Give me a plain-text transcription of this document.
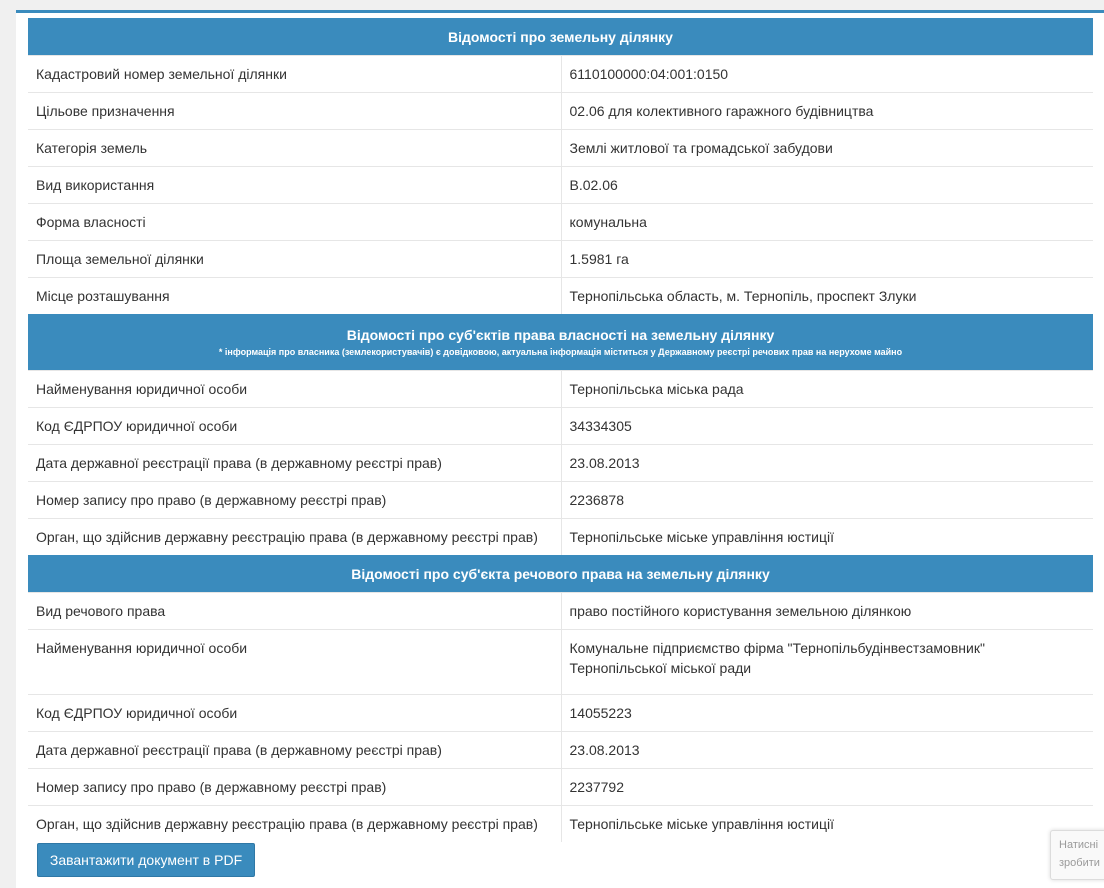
Відомості про земельну ділянку	
Кадастровий номер земельної ділянки	6110100000:04:001:0150
Цільове призначення	02.06 для колективного гаражного будівництва
Категорія земель	Землі житлової та громадської забудови
Вид використання	В.02.06
Форма власності	комунальна
Площа земельної ділянки	1.5981 га
Місце розташування	Тернопільська область, м. Тернопіль, проспект Злуки
Відомості про суб'єктів права власності на земельну ділянку
* інформація про власника (землекористувачів) є довідковою, актуальна інформація міститься у Державному реєстрі речових прав на нерухоме майно	

Найменування юридичної особи	Тернопільська міська рада
Код ЄДРПОУ юридичної особи	34334305
Дата державної реєстрації права (в державному реєстрі прав)	23.08.2013
Номер запису про право (в державному реєстрі прав)	2236878
Орган, що здійснив державну реєстрацію права (в державному реєстрі прав)	Тернопільське міське управління юстиції
Відомості про суб'єкта речового права на земельну ділянку	
Вид речового права	право постійного користування земельною ділянкою
Найменування юридичної особи	Комунальне підприємство фірма "Тернопільбудінвестзамовник" Тернопільської міської ради
Код ЄДРПОУ юридичної особи	14055223
Дата державної реєстрації права (в державному реєстрі прав)	23.08.2013
Номер запису про право (в державному реєстрі прав)	2237792
Орган, що здійснив державну реєстрацію права (в державному реєстрі прав)	Тернопільське міське управління юстиції
Завантажити документ в PDF
Натисні
зробити
